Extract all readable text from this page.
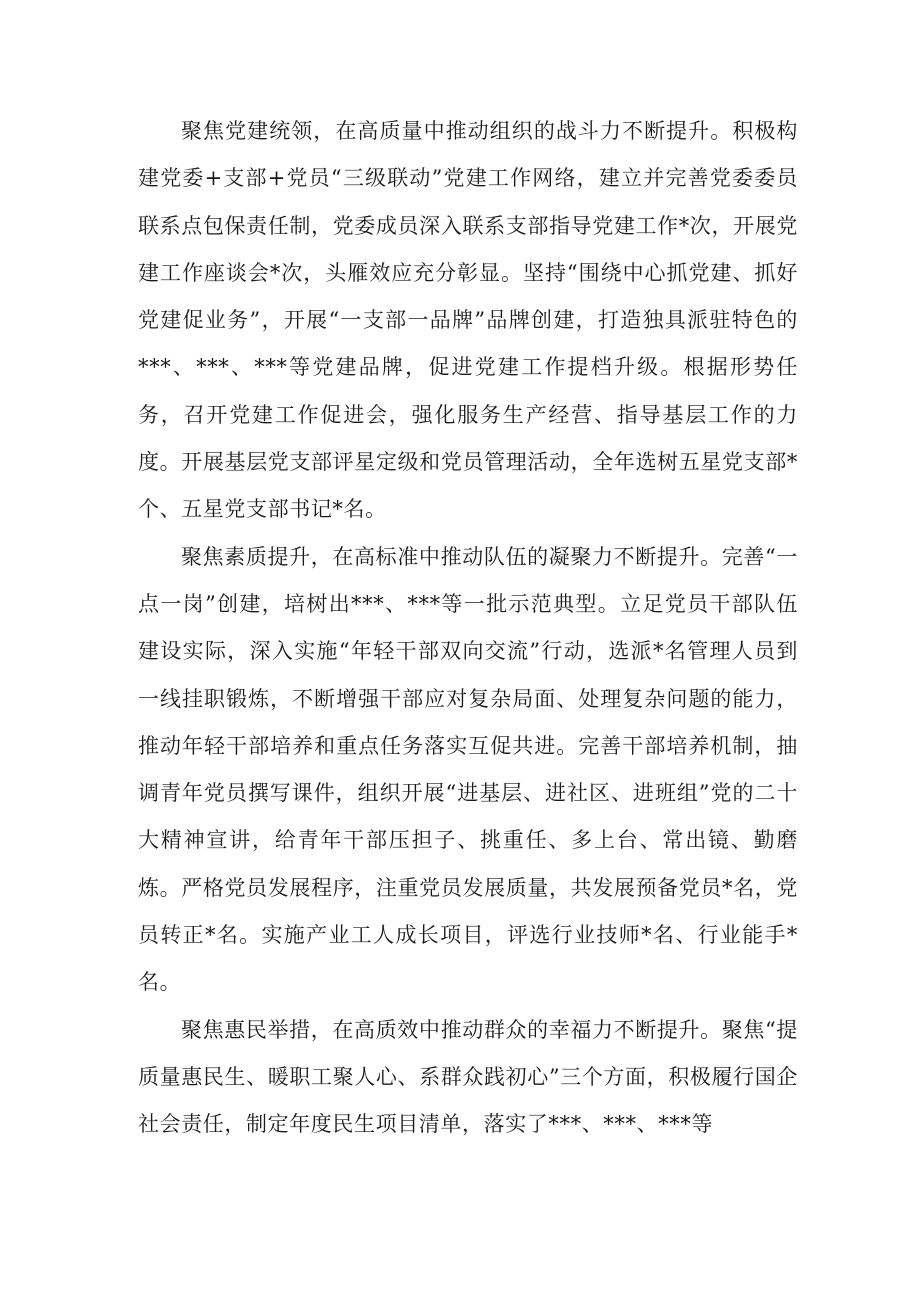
聚焦党建统领，在高质量中推动组织的战斗力不断提升。积极构建党委+支部+党员“三级联动”党建工作网络，建立并完善党委委员联系点包保责任制，党委成员深入联系支部指导党建工作*次，开展党建工作座谈会*次，头雁效应充分彰显。坚持“围绕中心抓党建、抓好党建促业务”，开展“一支部一品牌”品牌创建，打造独具派驻特色的***、***、***等党建品牌，促进党建工作提档升级。根据形势任务，召开党建工作促进会，强化服务生产经营、指导基层工作的力度。开展基层党支部评星定级和党员管理活动，全年选树五星党支部*个、五星党支部书记*名。

聚焦素质提升，在高标准中推动队伍的凝聚力不断提升。完善“一点一岗”创建，培树出***、***等一批示范典型。立足党员干部队伍建设实际，深入实施“年轻干部双向交流”行动，选派*名管理人员到一线挂职锻炼，不断增强干部应对复杂局面、处理复杂问题的能力，推动年轻干部培养和重点任务落实互促共进。完善干部培养机制，抽调青年党员撰写课件，组织开展“进基层、进社区、进班组”党的二十大精神宣讲，给青年干部压担子、挑重任、多上台、常出镜、勤磨炼。严格党员发展程序，注重党员发展质量，共发展预备党员*名，党员转正*名。实施产业工人成长项目，评选行业技师*名、行业能手*名。

聚焦惠民举措，在高质效中推动群众的幸福力不断提升。聚焦“提质量惠民生、暖职工聚人心、系群众践初心”三个方面，积极履行国企社会责任，制定年度民生项目清单，落实了***、***、***等
